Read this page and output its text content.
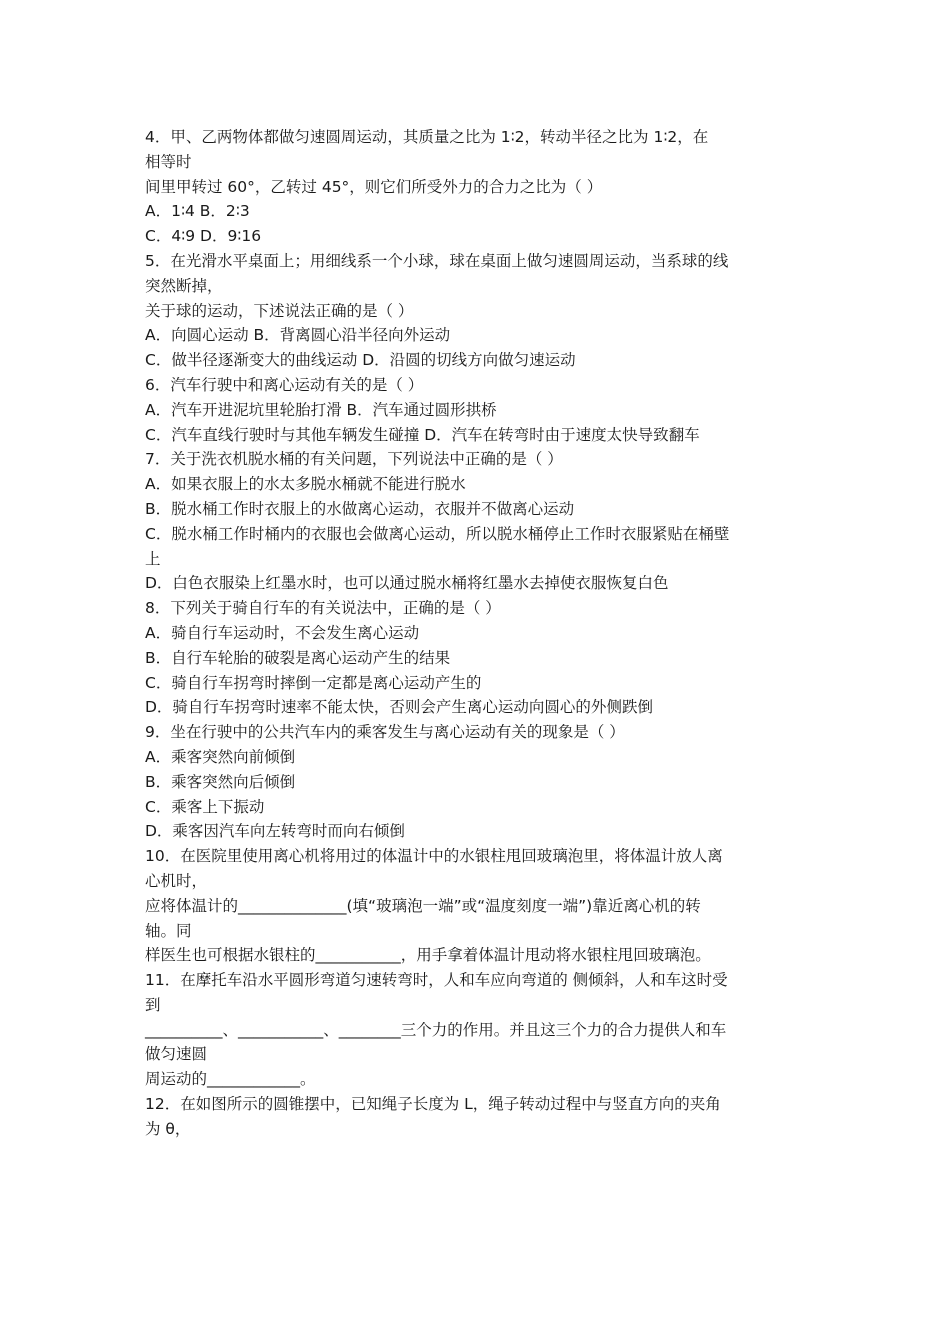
4．甲、乙两物体都做匀速圆周运动，其质量之比为 1∶2，转动半径之比为 1∶2，在
相等时
间里甲转过 60°，乙转过 45°，则它们所受外力的合力之比为（ ）
A．1∶4 B．2∶3
C．4∶9 D．9∶16
5．在光滑水平桌面上；用细线系一个小球，球在桌面上做匀速圆周运动，当系球的线
突然断掉，
关于球的运动，下述说法正确的是（ ）
A．向圆心运动 B．背离圆心沿半径向外运动
C．做半径逐渐变大的曲线运动 D．沿圆的切线方向做匀速运动
6．汽车行驶中和离心运动有关的是（ ）
A．汽车开进泥坑里轮胎打滑 B．汽车通过圆形拱桥
C．汽车直线行驶时与其他车辆发生碰撞 D．汽车在转弯时由于速度太快导致翻车
7．关于洗衣机脱水桶的有关问题，下列说法中正确的是（ ）
A．如果衣服上的水太多脱水桶就不能进行脱水
B．脱水桶工作时衣服上的水做离心运动，衣服并不做离心运动
C．脱水桶工作时桶内的衣服也会做离心运动，所以脱水桶停止工作时衣服紧贴在桶壁
上
D．白色衣服染上红墨水时，也可以通过脱水桶将红墨水去掉使衣服恢复白色
8．下列关于骑自行车的有关说法中，正确的是（ ）
A．骑自行车运动时，不会发生离心运动
B．自行车轮胎的破裂是离心运动产生的结果
C．骑自行车拐弯时摔倒一定都是离心运动产生的
D．骑自行车拐弯时速率不能太快，否则会产生离心运动向圆心的外侧跌倒
9．坐在行驶中的公共汽车内的乘客发生与离心运动有关的现象是（ ）
A．乘客突然向前倾倒
B．乘客突然向后倾倒
C．乘客上下振动
D．乘客因汽车向左转弯时而向右倾倒
10．在医院里使用离心机将用过的体温计中的水银柱甩回玻璃泡里，将体温计放人离
心机时，
应将体温计的______________(填“玻璃泡一端”或“温度刻度一端”)靠近离心机的转
轴。同
样医生也可根据水银柱的___________，用手拿着体温计甩动将水银柱甩回玻璃泡。
11．在摩托车沿水平圆形弯道匀速转弯时，人和车应向弯道的 侧倾斜，人和车这时受
到
__________、___________、________三个力的作用。并且这三个力的合力提供人和车
做匀速圆
周运动的____________。
12．在如图所示的圆锥摆中，已知绳子长度为 L，绳子转动过程中与竖直方向的夹角
为 θ，
